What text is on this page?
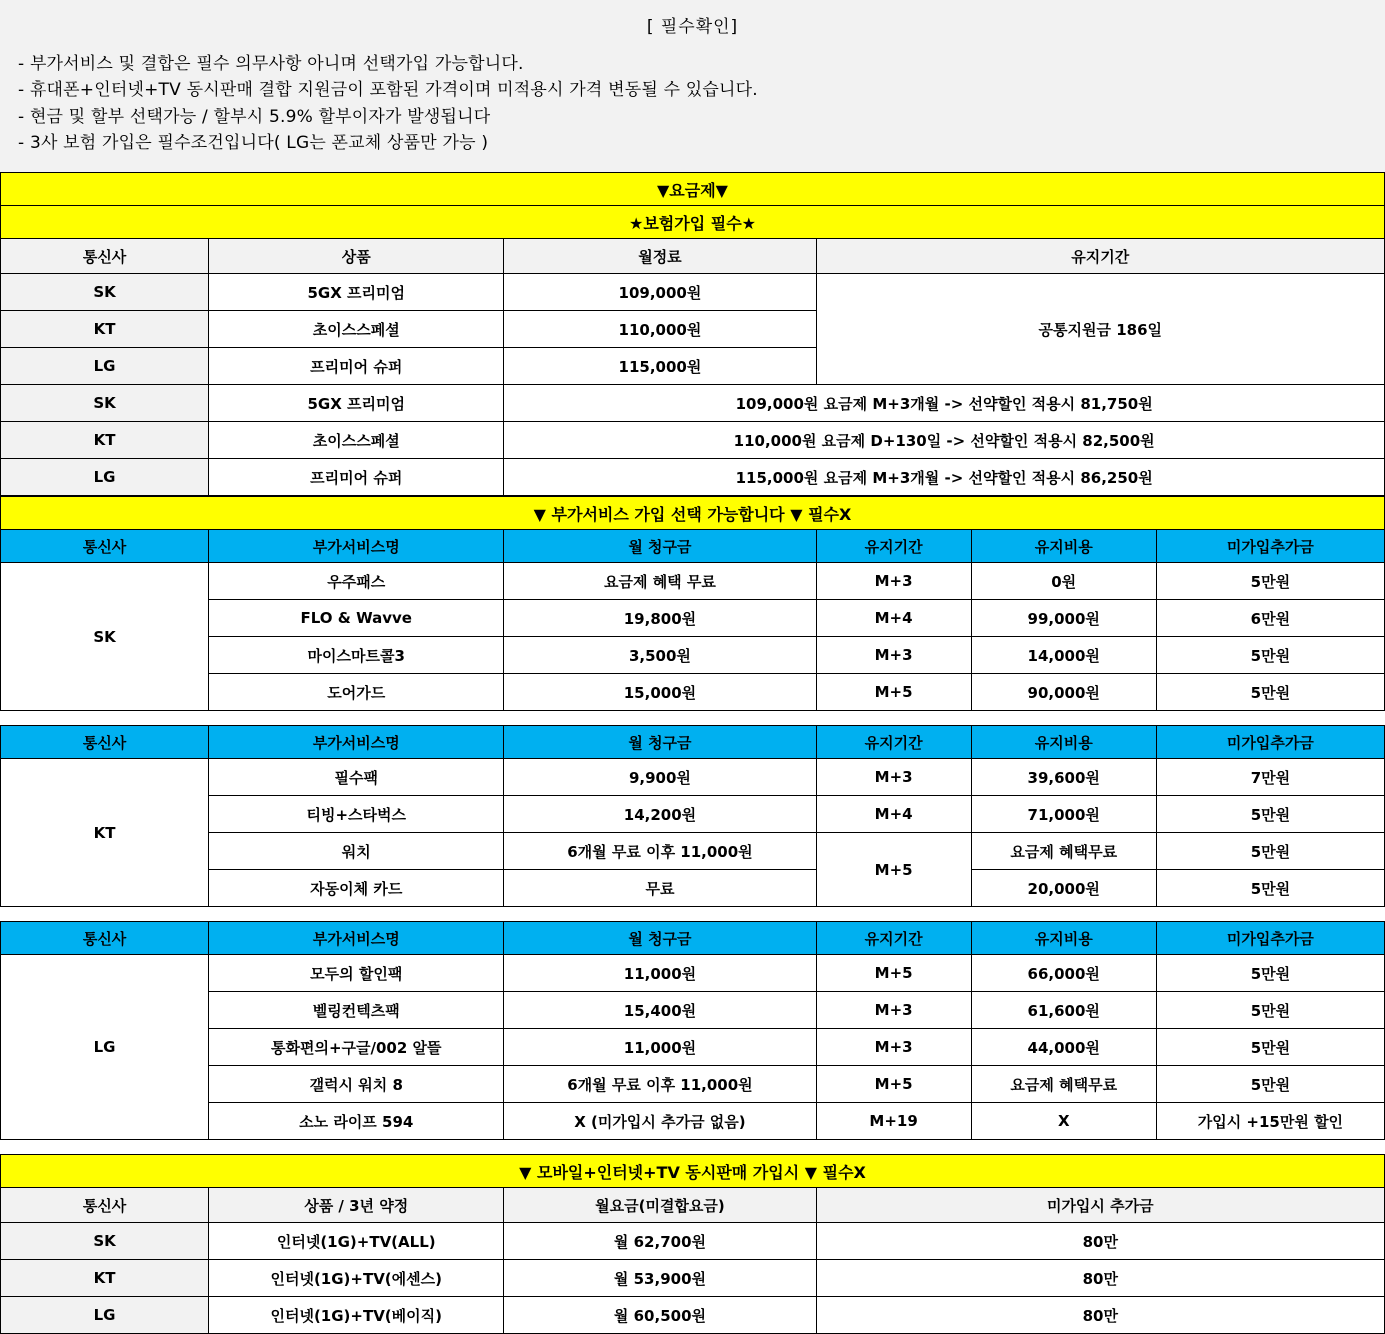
[ 필수확인]
- 부가서비스 및 결합은 필수 의무사항 아니며 선택가입 가능합니다.
- 휴대폰+인터넷+TV 동시판매 결합 지원금이 포함된 가격이며 미적용시 가격 변동될 수 있습니다.
- 현금 및 할부 선택가능 / 할부시 5.9% 할부이자가 발생됩니다
- 3사 보험 가입은 필수조건입니다( LG는 폰교체 상품만 가능 )
▼요금제▼			
★보험가입 필수★			
통신사	상품	월정료	유지기간
SK	5GX 프리미엄	109,000원	공통지원금 186일
KT	초이스스페셜	110,000원	
LG	프리미어 슈퍼	115,000원	
SK	5GX 프리미엄	109,000원 요금제 M+3개월 -> 선약할인 적용시 81,750원	
KT	초이스스페셜	110,000원 요금제 D+130일 -> 선약할인 적용시 82,500원	
LG	프리미어 슈퍼	115,000원 요금제 M+3개월 -> 선약할인 적용시 86,250원	
▼ 부가서비스 가입 선택 가능합니다 ▼ 필수X					
통신사	부가서비스명	월 청구금	유지기간	유지비용	미가입추가금
SK	우주패스	요금제 혜택 무료	M+3	0원	5만원
	FLO & Wavve	19,800원	M+4	99,000원	6만원
	마이스마트콜3	3,500원	M+3	14,000원	5만원
	도어가드	15,000원	M+5	90,000원	5만원
통신사	부가서비스명	월 청구금	유지기간	유지비용	미가입추가금
KT	필수팩	9,900원	M+3	39,600원	7만원
	티빙+스타벅스	14,200원	M+4	71,000원	5만원
	워치	6개월 무료 이후 11,000원	M+5	요금제 혜택무료	5만원
	자동이체 카드	무료		20,000원	5만원
통신사	부가서비스명	월 청구금	유지기간	유지비용	미가입추가금
LG	모두의 할인팩	11,000원	M+5	66,000원	5만원
	벨링컨텍츠팩	15,400원	M+3	61,600원	5만원
	통화편의+구글/002 알뜰	11,000원	M+3	44,000원	5만원
	갤럭시 워치 8	6개월 무료 이후 11,000원	M+5	요금제 혜택무료	5만원
	소노 라이프 594	X (미가입시 추가금 없음)	M+19	X	가입시 +15만원 할인
▼ 모바일+인터넷+TV 동시판매 가입시 ▼ 필수X			
통신사	상품 / 3년 약정	월요금(미결합요금)	미가입시 추가금
SK	인터넷(1G)+TV(ALL)	월 62,700원	80만
KT	인터넷(1G)+TV(에센스)	월 53,900원	80만
LG	인터넷(1G)+TV(베이직)	월 60,500원	80만
